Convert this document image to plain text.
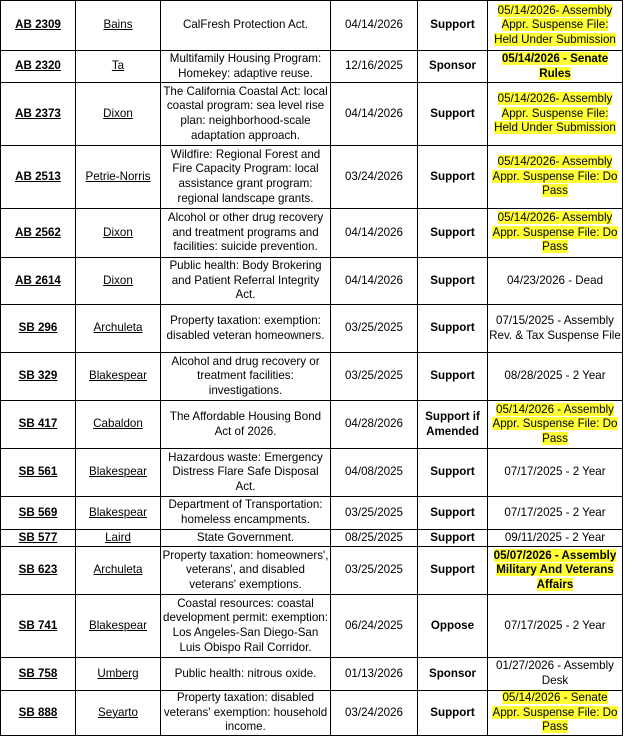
AB 2309	Bains	CalFresh Protection Act.	04/14/2026	Support	05/14/2026- Assembly Appr. Suspense File: Held Under Submission
AB 2320	Ta	Multifamily Housing Program: Homekey: adaptive reuse.	12/16/2025	Sponsor	05/14/2026 - Senate Rules
AB 2373	Dixon	The California Coastal Act: local coastal program: sea level rise plan: neighborhood-scale adaptation approach.	04/14/2026	Support	05/14/2026- Assembly Appr. Suspense File: Held Under Submission
AB 2513	Petrie-Norris	Wildfire: Regional Forest and Fire Capacity Program: local assistance grant program: regional landscape grants.	03/24/2026	Support	05/14/2026- Assembly Appr. Suspense File: Do Pass
AB 2562	Dixon	Alcohol or other drug recovery and treatment programs and facilities: suicide prevention.	04/14/2026	Support	05/14/2026- Assembly Appr. Suspense File: Do Pass
AB 2614	Dixon	Public health: Body Brokering and Patient Referral Integrity Act.	04/14/2026	Support	04/23/2026 - Dead
SB 296	Archuleta	Property taxation: exemption: disabled veteran homeowners.	03/25/2025	Support	07/15/2025 - Assembly Rev. & Tax Suspense File
SB 329	Blakespear	Alcohol and drug recovery or treatment facilities: investigations.	03/25/2025	Support	08/28/2025 - 2 Year
SB 417	Cabaldon	The Affordable Housing Bond Act of 2026.	04/28/2026	Support if Amended	05/14/2026 - Assembly Appr. Suspense File: Do Pass
SB 561	Blakespear	Hazardous waste: Emergency Distress Flare Safe Disposal Act.	04/08/2025	Support	07/17/2025 - 2 Year
SB 569	Blakespear	Department of Transportation: homeless encampments.	03/25/2025	Support	07/17/2025 - 2 Year
SB 577	Laird	State Government.	08/25/2025	Support	09/11/2025 - 2 Year
SB 623	Archuleta	Property taxation: homeowners', veterans', and disabled veterans' exemptions.	03/25/2025	Support	05/07/2026 - Assembly Military And Veterans Affairs
SB 741	Blakespear	Coastal resources: coastal development permit: exemption: Los Angeles-San Diego-San Luis Obispo Rail Corridor.	06/24/2025	Oppose	07/17/2025 - 2 Year
SB 758	Umberg	Public health: nitrous oxide.	01/13/2026	Sponsor	01/27/2026 - Assembly Desk
SB 888	Seyarto	Property taxation: disabled veterans' exemption: household income.	03/24/2026	Support	05/14/2026 - Senate Appr. Suspense File: Do Pass
